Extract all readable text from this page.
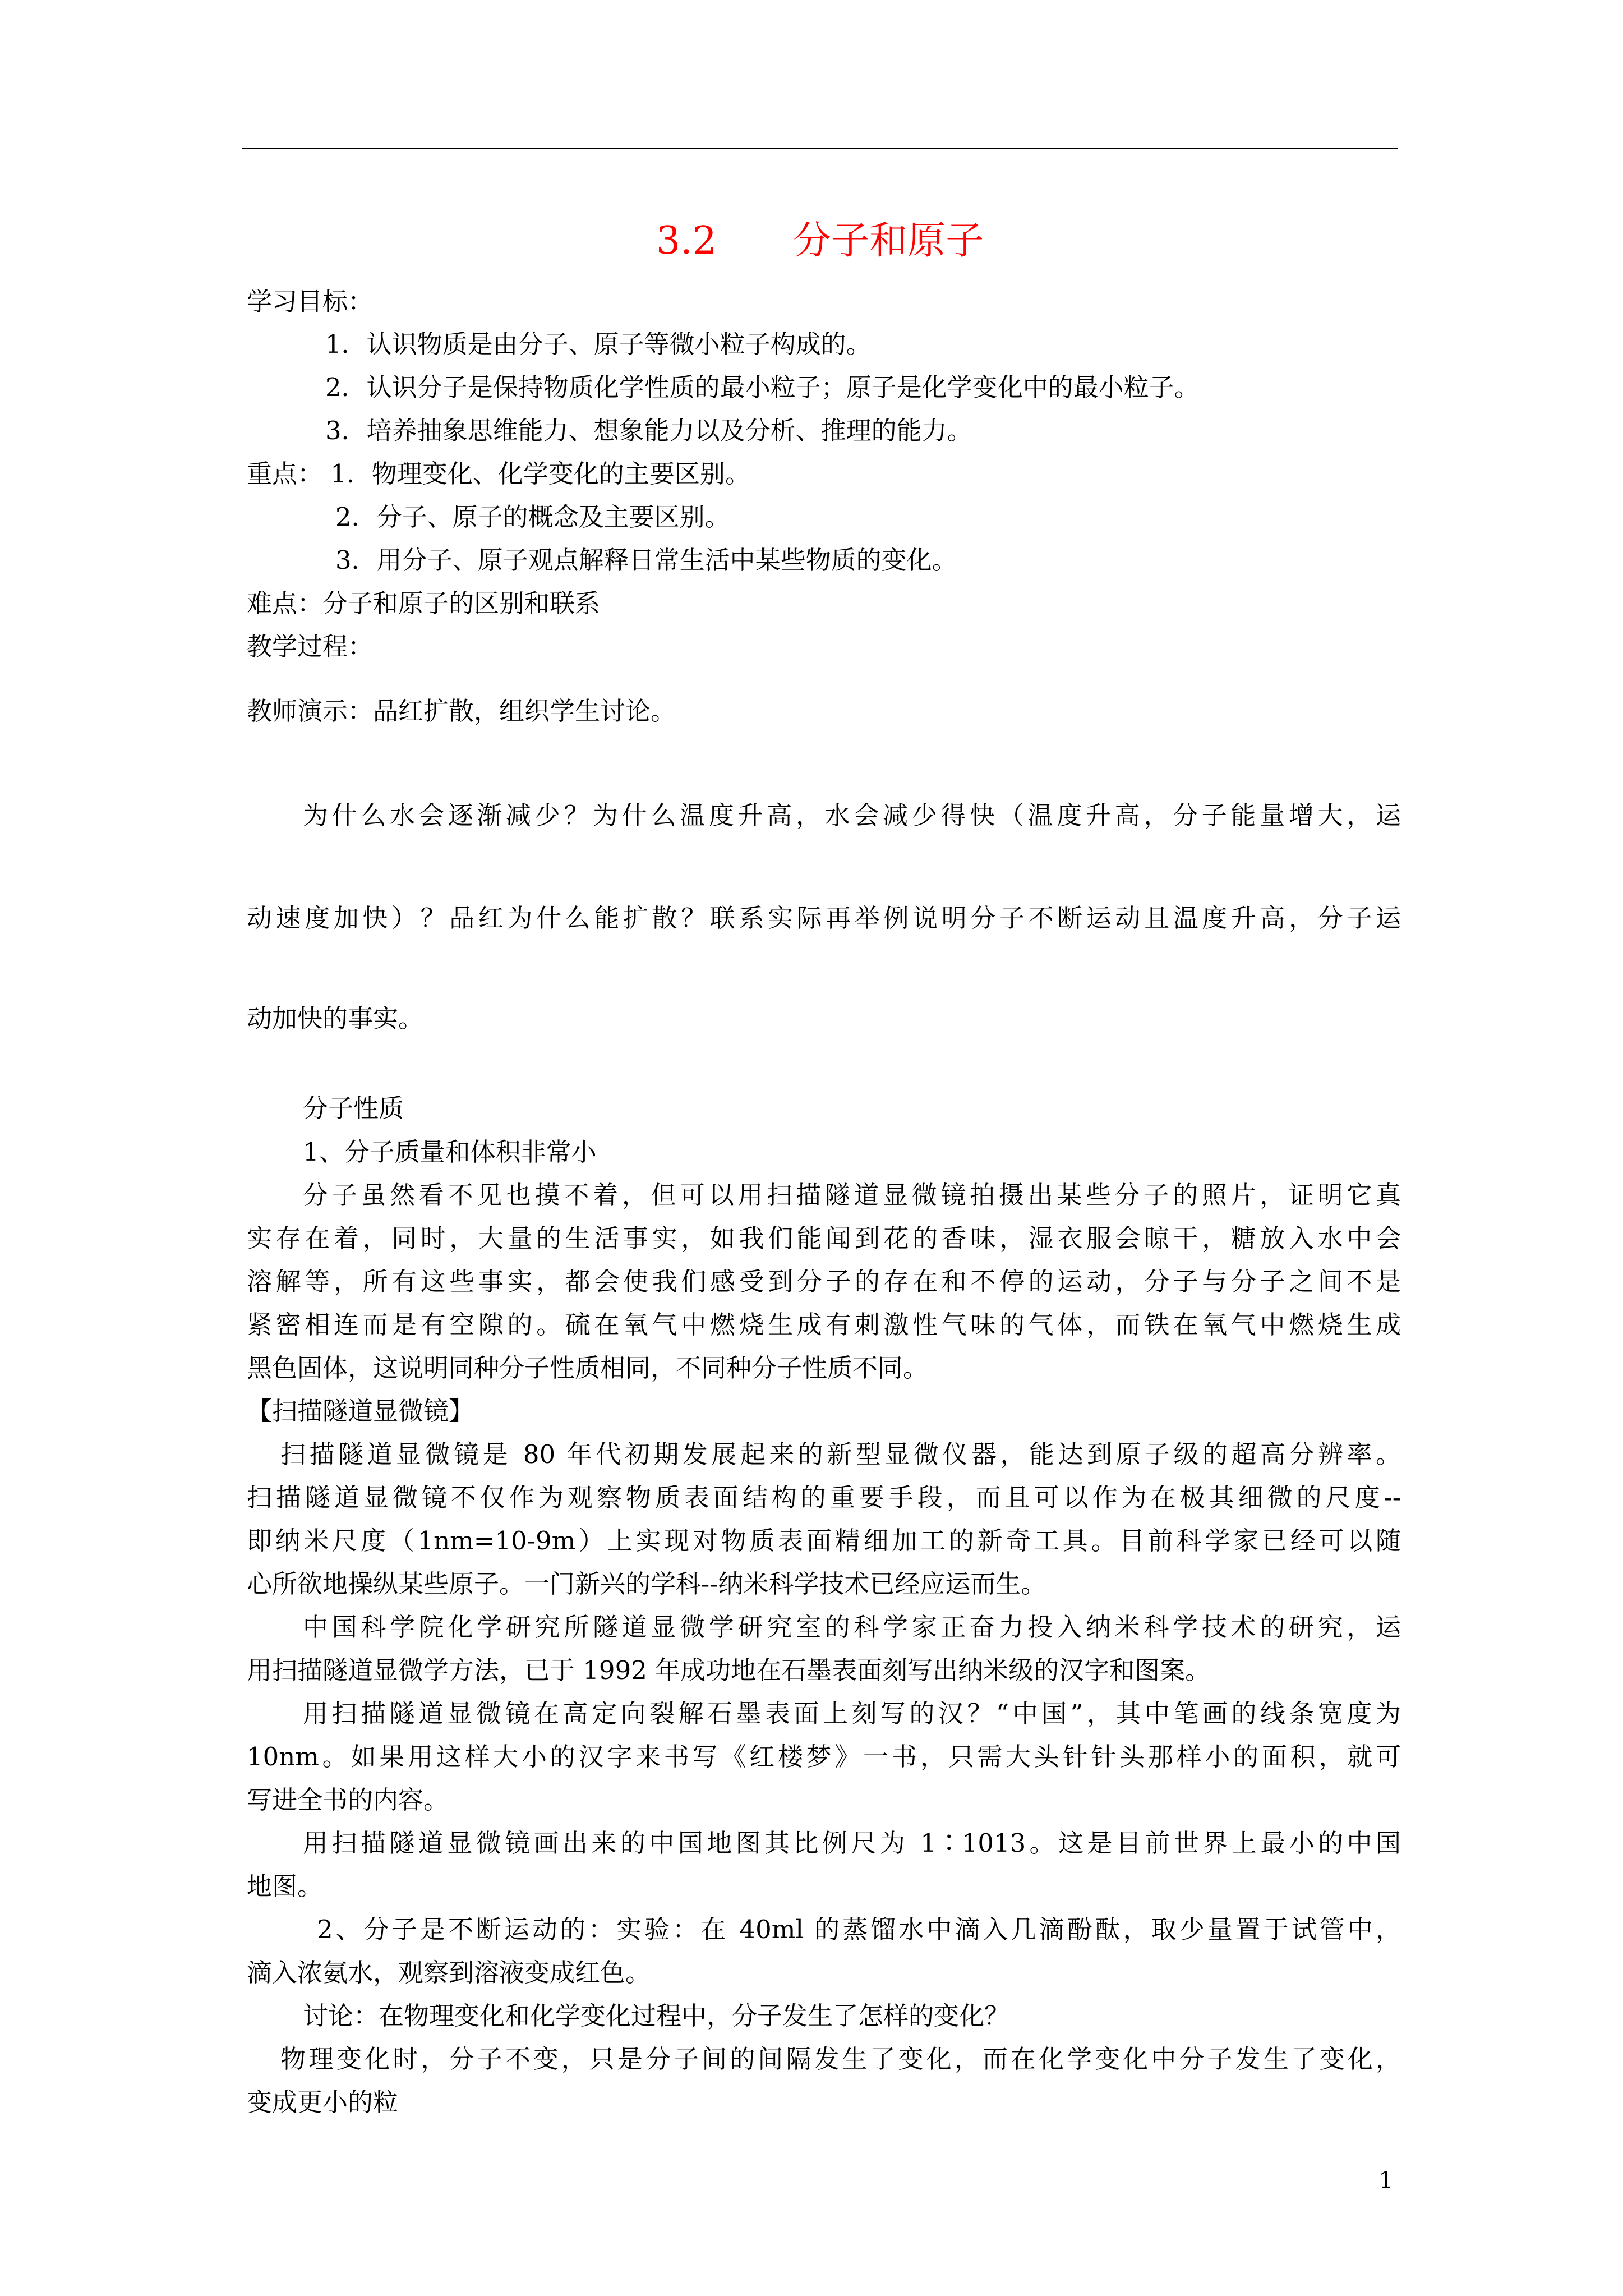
3.2　　分子和原子
学习目标：
1．认识物质是由分子、原子等微小粒子构成的。
2．认识分子是保持物质化学性质的最小粒子；原子是化学变化中的最小粒子。
3．培养抽象思维能力、想象能力以及分析、推理的能力。
重点： 1．物理变化、化学变化的主要区别。
2．分子、原子的概念及主要区别。
3．用分子、原子观点解释日常生活中某些物质的变化。
难点：分子和原子的区别和联系
教学过程：
教师演示：品红扩散，组织学生讨论。
为什么水会逐渐减少？为什么温度升高，水会减少得快（温度升高，分子能量增大，运
动速度加快）？品红为什么能扩散？联系实际再举例说明分子不断运动且温度升高，分子运
动加快的事实。
分子性质
1、分子质量和体积非常小
分子虽然看不见也摸不着，但可以用扫描隧道显微镜拍摄出某些分子的照片，证明它真
实存在着，同时，大量的生活事实，如我们能闻到花的香味，湿衣服会晾干，糖放入水中会
溶解等，所有这些事实，都会使我们感受到分子的存在和不停的运动，分子与分子之间不是
紧密相连而是有空隙的。硫在氧气中燃烧生成有刺激性气味的气体，而铁在氧气中燃烧生成
黑色固体，这说明同种分子性质相同，不同种分子性质不同。
【扫描隧道显微镜】
扫描隧道显微镜是 80 年代初期发展起来的新型显微仪器，能达到原子级的超高分辨率。
扫描隧道显微镜不仅作为观察物质表面结构的重要手段，而且可以作为在极其细微的尺度--
即纳米尺度（1nm=10-9m）上实现对物质表面精细加工的新奇工具。目前科学家已经可以随
心所欲地操纵某些原子。一门新兴的学科--纳米科学技术已经应运而生。
中国科学院化学研究所隧道显微学研究室的科学家正奋力投入纳米科学技术的研究，运
用扫描隧道显微学方法，已于 1992 年成功地在石墨表面刻写出纳米级的汉字和图案。
用扫描隧道显微镜在高定向裂解石墨表面上刻写的汉？“中国”，其中笔画的线条宽度为
10nm。如果用这样大小的汉字来书写《红楼梦》一书，只需大头针针头那样小的面积，就可
写进全书的内容。
用扫描隧道显微镜画出来的中国地图其比例尺为 1∶1013。这是目前世界上最小的中国
地图。
2、分子是不断运动的：实验：在 40ml 的蒸馏水中滴入几滴酚酞，取少量置于试管中，
滴入浓氨水，观察到溶液变成红色。
讨论：在物理变化和化学变化过程中，分子发生了怎样的变化？
物理变化时，分子不变，只是分子间的间隔发生了变化，而在化学变化中分子发生了变化，
变成更小的粒
1
